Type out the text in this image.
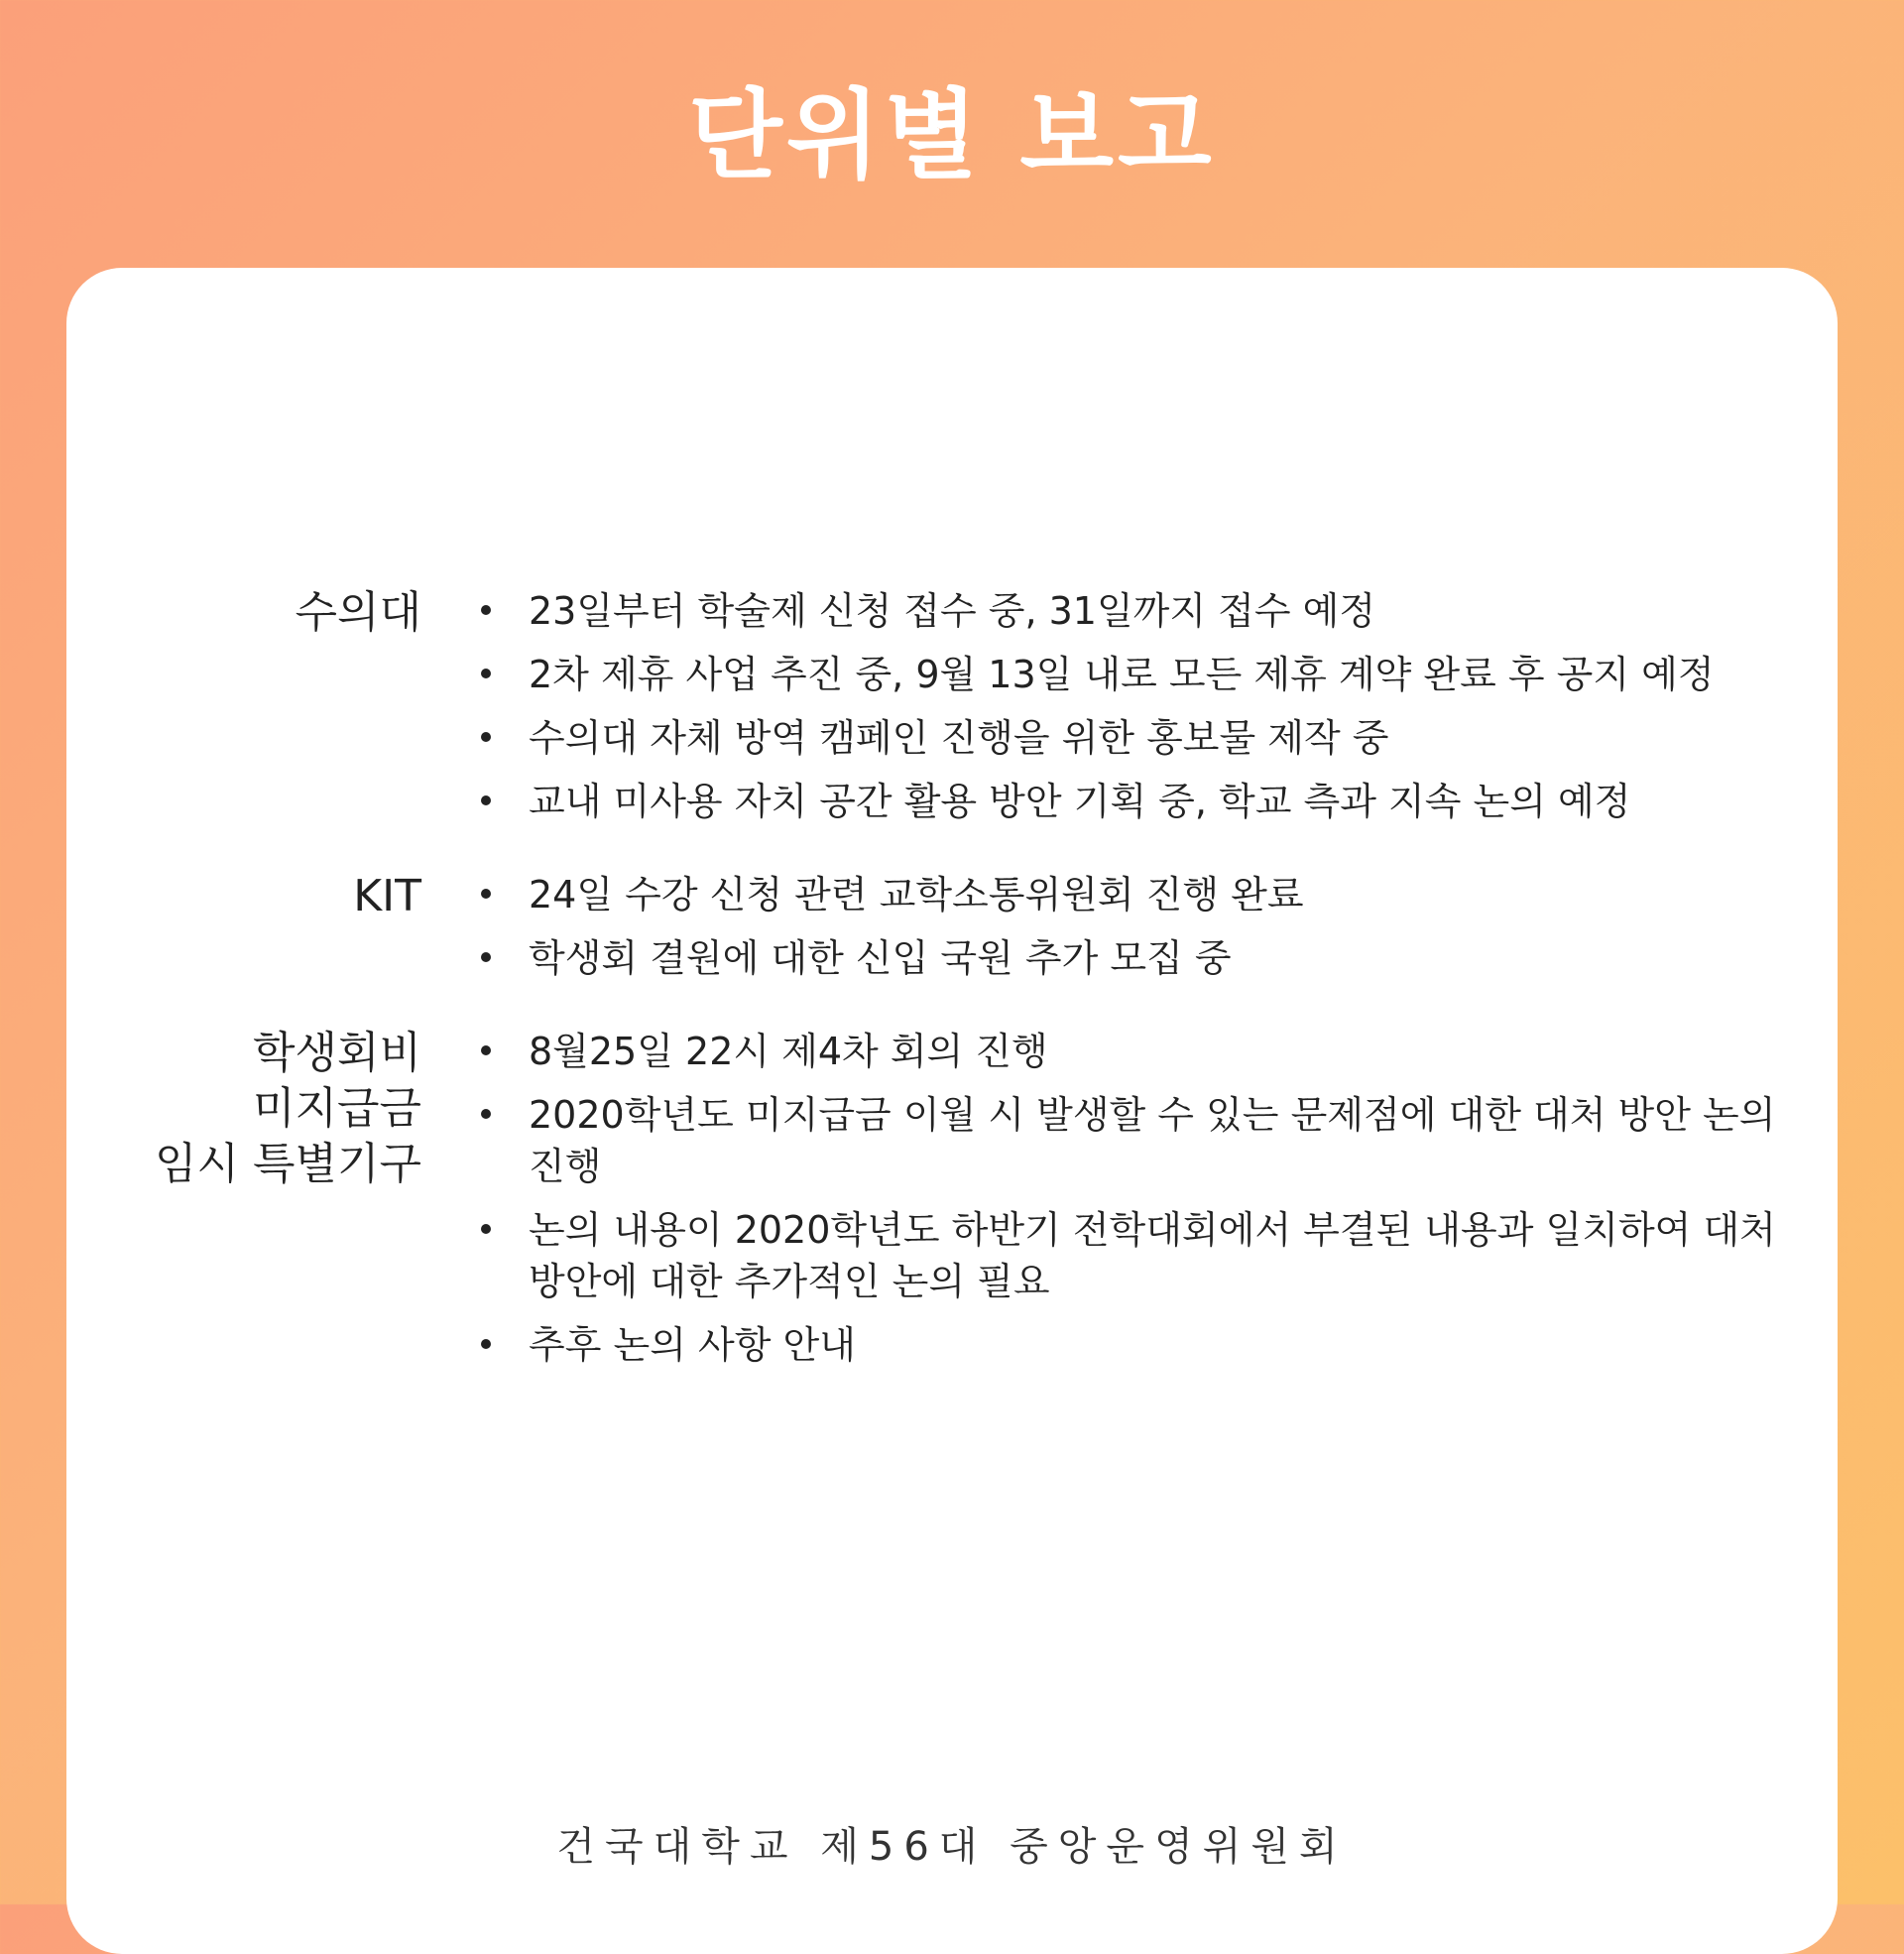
단위별 보고
수의대	23일부터 학술제 신청 접수 중, 31일까지 접수 예정
2차 제휴 사업 추진 중, 9월 13일 내로 모든 제휴 계약 완료 후 공지 예정
수의대 자체 방역 캠페인 진행을 위한 홍보물 제작 중
교내 미사용 자치 공간 활용 방안 기획 중, 학교 측과 지속 논의 예정
KIT	24일 수강 신청 관련 교학소통위원회 진행 완료
학생회 결원에 대한 신입 국원 추가 모집 중
학생회비
미지급금
임시 특별기구
8월25일 22시 제4차 회의 진행
2020학년도 미지급금 이월 시 발생할 수 있는 문제점에 대한 대처 방안 논의 진행
논의 내용이 2020학년도 하반기 전학대회에서 부결된 내용과 일치하여 대처 방안에 대한 추가적인 논의 필요
추후 논의 사항 안내
건국대학교 제56대 중앙운영위원회
